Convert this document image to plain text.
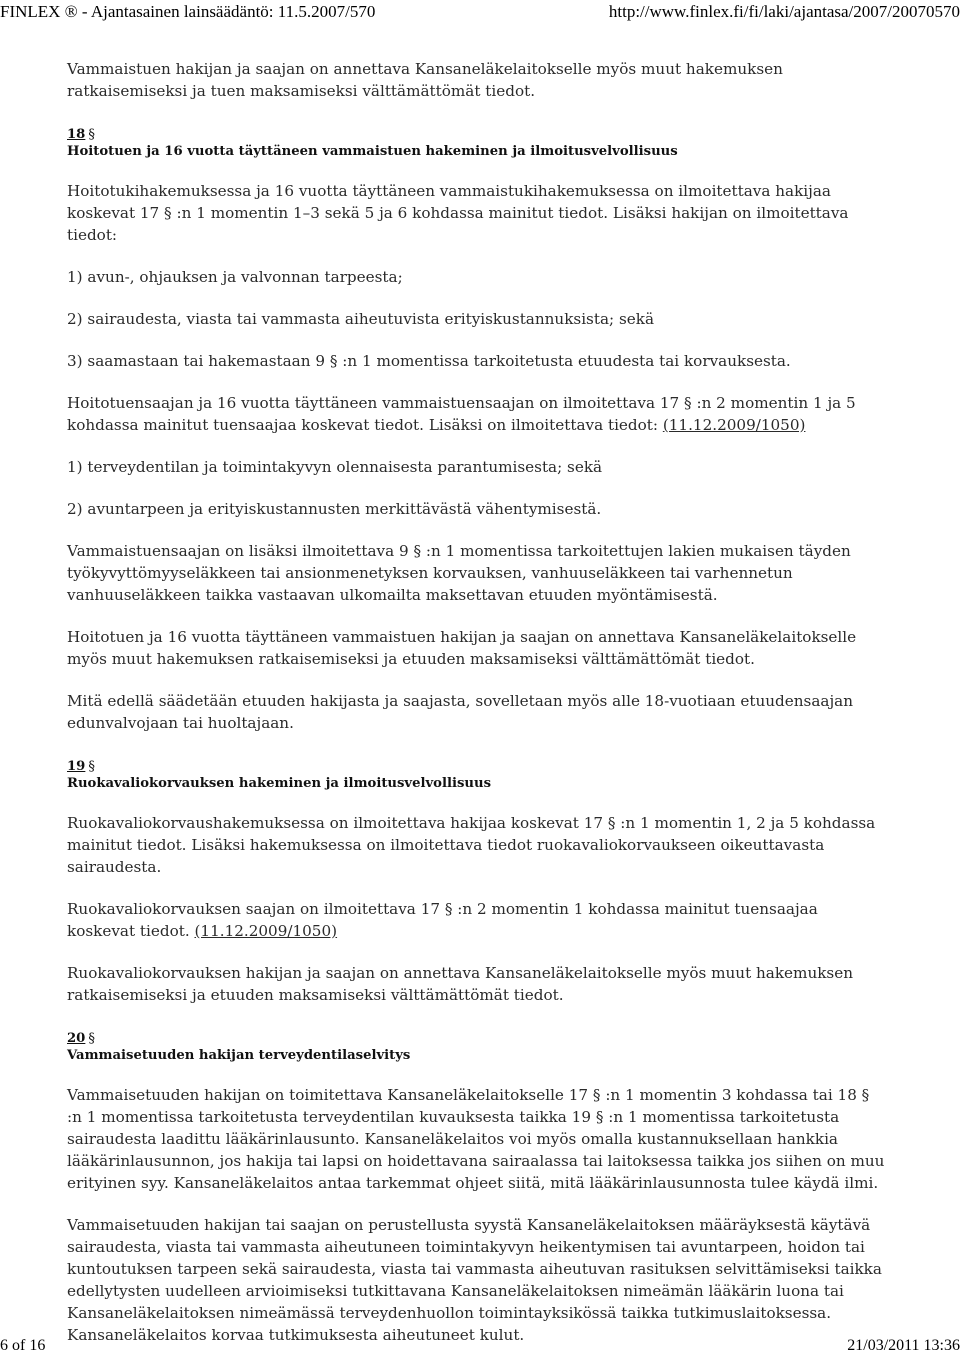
FINLEX ® - Ajantasainen lainsäädäntö: 11.5.2007/570	http://www.finlex.fi/fi/laki/ajantasa/2007/20070570

Vammaistuen hakijan ja saajan on annettava Kansaneläkelaitokselle myös muut hakemuksen ratkaisemiseksi ja tuen maksamiseksi välttämättömät tiedot.

18 §
Hoitotuen ja 16 vuotta täyttäneen vammaistuen hakeminen ja ilmoitusvelvollisuus

Hoitotukihakemuksessa ja 16 vuotta täyttäneen vammaistukihakemuksessa on ilmoitettava hakijaa koskevat 17 § :n 1 momentin 1–3 sekä 5 ja 6 kohdassa mainitut tiedot. Lisäksi hakijan on ilmoitettava tiedot:

1) avun-, ohjauksen ja valvonnan tarpeesta;

2) sairaudesta, viasta tai vammasta aiheutuvista erityiskustannuksista; sekä

3) saamastaan tai hakemastaan 9 § :n 1 momentissa tarkoitetusta etuudesta tai korvauksesta.

Hoitotuensaajan ja 16 vuotta täyttäneen vammaistuensaajan on ilmoitettava 17 § :n 2 momentin 1 ja 5 kohdassa mainitut tuensaajaa koskevat tiedot. Lisäksi on ilmoitettava tiedot: (11.12.2009/1050)

1) terveydentilan ja toimintakyvyn olennaisesta parantumisesta; sekä

2) avuntarpeen ja erityiskustannusten merkittävästä vähentymisestä.

Vammaistuensaajan on lisäksi ilmoitettava 9 § :n 1 momentissa tarkoitettujen lakien mukaisen täyden työkyvyttömyyseläkkeen tai ansionmenetyksen korvauksen, vanhuuseläkkeen tai varhennetun vanhuuseläkkeen taikka vastaavan ulkomailta maksettavan etuuden myöntämisestä.

Hoitotuen ja 16 vuotta täyttäneen vammaistuen hakijan ja saajan on annettava Kansaneläkelaitokselle myös muut hakemuksen ratkaisemiseksi ja etuuden maksamiseksi välttämättömät tiedot.

Mitä edellä säädetään etuuden hakijasta ja saajasta, sovelletaan myös alle 18-vuotiaan etuudensaajan edunvalvojaan tai huoltajaan.

19 §
Ruokavaliokorvauksen hakeminen ja ilmoitusvelvollisuus

Ruokavaliokorvaushakemuksessa on ilmoitettava hakijaa koskevat 17 § :n 1 momentin 1, 2 ja 5 kohdassa mainitut tiedot. Lisäksi hakemuksessa on ilmoitettava tiedot ruokavaliokorvaukseen oikeuttavasta sairaudesta.

Ruokavaliokorvauksen saajan on ilmoitettava 17 § :n 2 momentin 1 kohdassa mainitut tuensaajaa koskevat tiedot. (11.12.2009/1050)

Ruokavaliokorvauksen hakijan ja saajan on annettava Kansaneläkelaitokselle myös muut hakemuksen ratkaisemiseksi ja etuuden maksamiseksi välttämättömät tiedot.

20 §
Vammaisetuuden hakijan terveydentilaselvitys

Vammaisetuuden hakijan on toimitettava Kansaneläkelaitokselle 17 § :n 1 momentin 3 kohdassa tai 18 § :n 1 momentissa tarkoitetusta terveydentilan kuvauksesta taikka 19 § :n 1 momentissa tarkoitetusta sairaudesta laadittu lääkärinlausunto. Kansaneläkelaitos voi myös omalla kustannuksellaan hankkia lääkärinlausunnon, jos hakija tai lapsi on hoidettavana sairaalassa tai laitoksessa taikka jos siihen on muu erityinen syy. Kansaneläkelaitos antaa tarkemmat ohjeet siitä, mitä lääkärinlausunnosta tulee käydä ilmi.

Vammaisetuuden hakijan tai saajan on perustellusta syystä Kansaneläkelaitoksen määräyksestä käytävä sairaudesta, viasta tai vammasta aiheutuneen toimintakyvyn heikentymisen tai avuntarpeen, hoidon tai kuntoutuksen tarpeen sekä sairaudesta, viasta tai vammasta aiheutuvan rasituksen selvittämiseksi taikka edellytysten uudelleen arvioimiseksi tutkittavana Kansaneläkelaitoksen nimeämän lääkärin luona tai Kansaneläkelaitoksen nimeämässä terveydenhuollon toimintayksikössä taikka tutkimuslaitoksessa. Kansaneläkelaitos korvaa tutkimuksesta aiheutuneet kulut.

6 of 16	21/03/2011 13:36
